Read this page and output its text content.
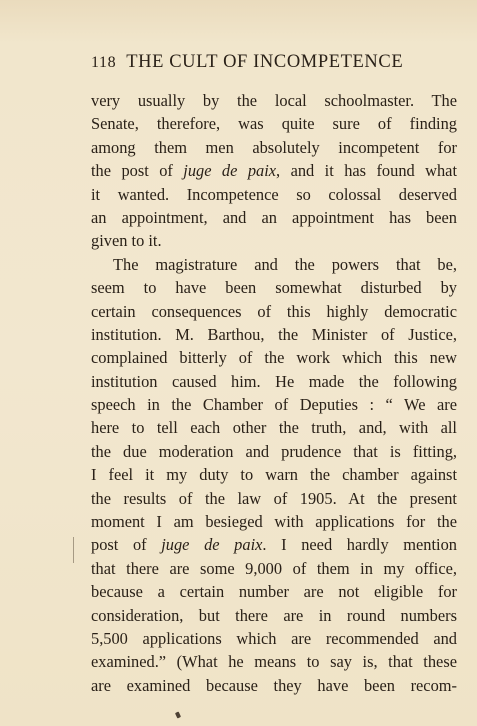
118 THE CULT OF INCOMPETENCE
very usually by the local schoolmaster. The
Senate, therefore, was quite sure of finding
among them men absolutely incompetent for
the post of juge de paix, and it has found what
it wanted. Incompetence so colossal deserved
an appointment, and an appointment has been
given to it.
The magistrature and the powers that be,
seem to have been somewhat disturbed by
certain consequences of this highly democratic
institution. M. Barthou, the Minister of Justice,
complained bitterly of the work which this new
institution caused him. He made the following
speech in the Chamber of Deputies : “ We are
here to tell each other the truth, and, with all
the due moderation and prudence that is fitting,
I feel it my duty to warn the chamber against
the results of the law of 1905. At the present
moment I am besieged with applications for the
post of juge de paix. I need hardly mention
that there are some 9,000 of them in my office,
because a certain number are not eligible for
consideration, but there are in round numbers
5,500 applications which are recommended and
examined.” (What he means to say is, that these
are examined because they have been recom-
